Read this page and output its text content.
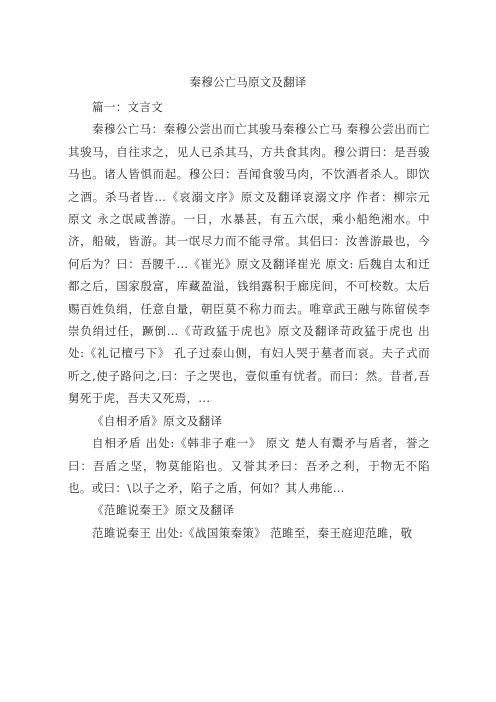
秦穆公亡马原文及翻译

篇一：文言文

秦穆公亡马：秦穆公尝出而亡其骏马秦穆公亡马 秦穆公尝出而亡其骏马，自往求之，见人已杀其马，方共食其肉。穆公谓曰：是吾骏马也。诸人皆惧而起。穆公曰：吾闻食骏马肉，不饮酒者杀人。即饮之酒。杀马者皆…《哀溺文序》原文及翻译哀溺文序 作者：柳宗元 原文 永之氓咸善游。一日，水暴甚，有五六氓，乘小船绝湘水。中济，船破，皆游。其一氓尽力而不能寻常。其侣曰：汝善游最也，今何后为？曰：吾腰千…《崔光》原文及翻译崔光 原文: 后魏自太和迁都之后，国家殷富，库藏盈溢，钱绢露积于廊庑间，不可校数。太后赐百姓负绢，任意自量，朝臣莫不称力而去。唯章武王融与陈留侯李崇负绢过任，蹶倒…《苛政猛于虎也》原文及翻译苛政猛于虎也 出处:《礼记檀弓下》 孔子过泰山侧，有妇人哭于墓者而哀。夫子式而听之,使子路问之,曰：子之哭也，壹似重有忧者。而曰：然。昔者,吾舅死于虎，吾夫又死焉，...

《自相矛盾》原文及翻译

自相矛盾 出处:《韩非子难一》 原文 楚人有鬻矛与盾者，誉之曰：吾盾之坚，物莫能陷也。又誉其矛曰：吾矛之利，于物无不陷也。或曰：\以子之矛，陷子之盾，何如？其人弗能…

《范雎说秦王》原文及翻译

范雎说秦王 出处:《战国策秦策》 范雎至，秦王庭迎范雎，敬
